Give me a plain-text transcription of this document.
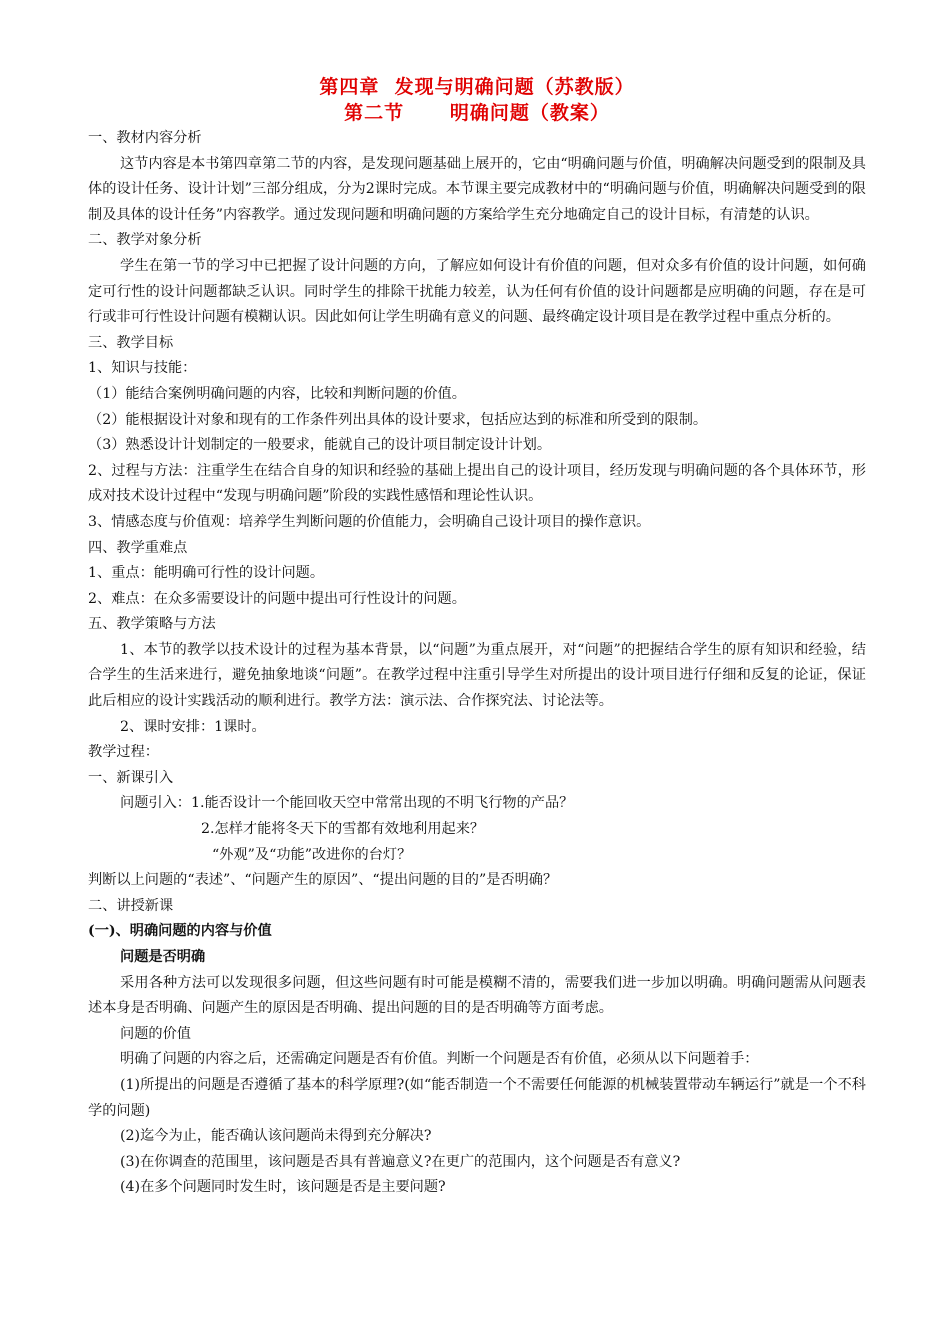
第四章  发现与明确问题（苏教版）
第二节      明确问题（教案）
一、教材内容分析
这节内容是本书第四章第二节的内容，是发现问题基础上展开的，它由“明确问题与价值，明确解决问题受到的限制及具体的设计任务、设计计划”三部分组成，分为2课时完成。本节课主要完成教材中的“明确问题与价值，明确解决问题受到的限制及具体的设计任务”内容教学。通过发现问题和明确问题的方案给学生充分地确定自己的设计目标，有清楚的认识。
二、教学对象分析
学生在第一节的学习中已把握了设计问题的方向，了解应如何设计有价值的问题，但对众多有价值的设计问题，如何确定可行性的设计问题都缺乏认识。同时学生的排除干扰能力较差，认为任何有价值的设计问题都是应明确的问题，存在是可行或非可行性设计问题有模糊认识。因此如何让学生明确有意义的问题、最终确定设计项目是在教学过程中重点分析的。
三、教学目标
1、知识与技能：
（1）能结合案例明确问题的内容，比较和判断问题的价值。
（2）能根据设计对象和现有的工作条件列出具体的设计要求，包括应达到的标准和所受到的限制。
（3）熟悉设计计划制定的一般要求，能就自己的设计项目制定设计计划。
2、过程与方法：注重学生在结合自身的知识和经验的基础上提出自己的设计项目，经历发现与明确问题的各个具体环节，形成对技术设计过程中“发现与明确问题”阶段的实践性感悟和理论性认识。
3、情感态度与价值观：培养学生判断问题的价值能力，会明确自己设计项目的操作意识。
四、教学重难点
1、重点：能明确可行性的设计问题。
2、难点：在众多需要设计的问题中提出可行性设计的问题。
五、教学策略与方法
1、本节的教学以技术设计的过程为基本背景，以“问题”为重点展开，对“问题”的把握结合学生的原有知识和经验，结合学生的生活来进行，避免抽象地谈“问题”。在教学过程中注重引导学生对所提出的设计项目进行仔细和反复的论证，保证此后相应的设计实践活动的顺利进行。教学方法：演示法、合作探究法、讨论法等。
2、课时安排：1课时。
教学过程：
一、新课引入
问题引入：1.能否设计一个能回收天空中常常出现的不明飞行物的产品？
2.怎样才能将冬天下的雪都有效地利用起来？
“外观”及“功能”改进你的台灯？
判断以上问题的“表述”、“问题产生的原因”、“提出问题的目的”是否明确？
二、讲授新课
(一)、明确问题的内容与价值
问题是否明确
采用各种方法可以发现很多问题，但这些问题有时可能是模糊不清的，需要我们进一步加以明确。明确问题需从问题表述本身是否明确、问题产生的原因是否明确、提出问题的目的是否明确等方面考虑。
问题的价值
明确了问题的内容之后，还需确定问题是否有价值。判断一个问题是否有价值，必须从以下问题着手：
(1)所提出的问题是否遵循了基本的科学原理?(如“能否制造一个不需要任何能源的机械装置带动车辆运行”就是一个不科学的问题)
(2)迄今为止，能否确认该问题尚未得到充分解决?
(3)在你调查的范围里，该问题是否具有普遍意义?在更广的范围内，这个问题是否有意义?
(4)在多个问题同时发生时，该问题是否是主要问题?
